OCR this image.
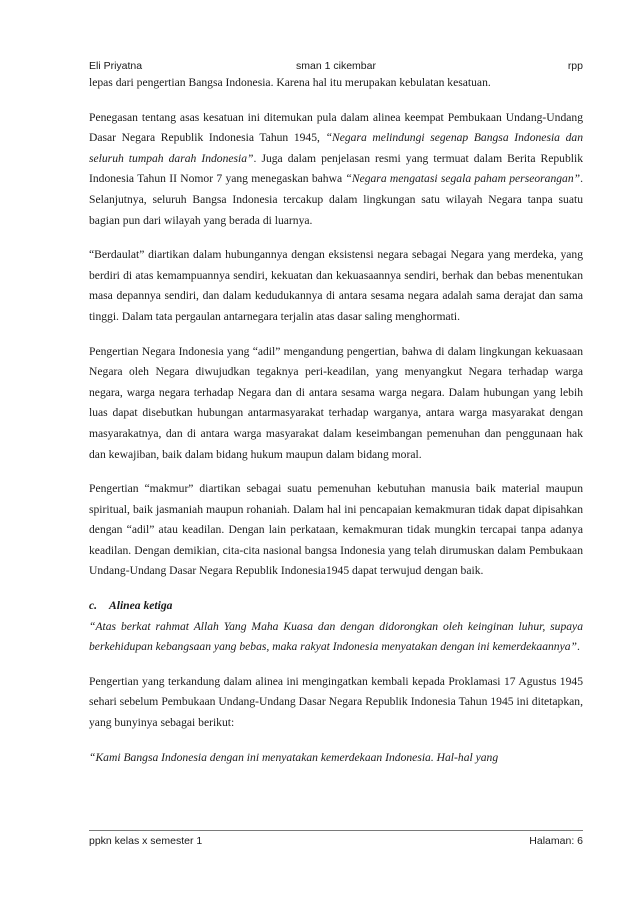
Eli Priyatna	sman 1 cikembar	rpp

lepas dari pengertian Bangsa Indonesia. Karena hal itu merupakan kebulatan kesatuan.

Penegasan tentang asas kesatuan ini ditemukan pula dalam alinea keempat Pembukaan Undang-Undang Dasar Negara Republik Indonesia Tahun 1945, “Negara melindungi segenap Bangsa Indonesia dan seluruh tumpah darah Indonesia”. Juga dalam penjelasan resmi yang termuat dalam Berita Republik Indonesia Tahun II Nomor 7 yang menegaskan bahwa “Negara mengatasi segala paham perseorangan”. Selanjutnya, seluruh Bangsa Indonesia tercakup dalam lingkungan satu wilayah Negara tanpa suatu bagian pun dari wilayah yang berada di luarnya.

“Berdaulat” diartikan dalam hubungannya dengan eksistensi negara sebagai Negara yang merdeka, yang berdiri di atas kemampuannya sendiri, kekuatan dan kekuasaannya sendiri, berhak dan bebas menentukan masa depannya sendiri, dan dalam kedudukannya di antara sesama negara adalah sama derajat dan sama tinggi. Dalam tata pergaulan antarnegara terjalin atas dasar saling menghormati.

Pengertian Negara Indonesia yang “adil” mengandung pengertian, bahwa di dalam lingkungan kekuasaan Negara oleh Negara diwujudkan tegaknya peri-keadilan, yang menyangkut Negara terhadap warga negara, warga negara terhadap Negara dan di antara sesama warga negara. Dalam hubungan yang lebih luas dapat disebutkan hubungan antarmasyarakat terhadap warganya, antara warga masyarakat dengan masyarakatnya, dan di antara warga masyarakat dalam keseimbangan pemenuhan dan penggunaan hak dan kewajiban, baik dalam bidang hukum maupun dalam bidang moral.

Pengertian “makmur” diartikan sebagai suatu pemenuhan kebutuhan manusia baik material maupun spiritual, baik jasmaniah maupun rohaniah. Dalam hal ini pencapaian kemakmuran tidak dapat dipisahkan dengan “adil” atau keadilan. Dengan lain perkataan, kemakmuran tidak mungkin tercapai tanpa adanya keadilan. Dengan demikian, cita-cita nasional bangsa Indonesia yang telah dirumuskan dalam Pembukaan Undang-Undang Dasar Negara Republik Indonesia1945 dapat terwujud dengan baik.

c. Alinea ketiga

“Atas berkat rahmat Allah Yang Maha Kuasa dan dengan didorongkan oleh keinginan luhur, supaya berkehidupan kebangsaan yang bebas, maka rakyat Indonesia menyatakan dengan ini kemerdekaannya”.

Pengertian yang terkandung dalam alinea ini mengingatkan kembali kepada Proklamasi 17 Agustus 1945 sehari sebelum Pembukaan Undang-Undang Dasar Negara Republik Indonesia Tahun 1945 ini ditetapkan, yang bunyinya sebagai berikut:

“Kami Bangsa Indonesia dengan ini menyatakan kemerdekaan Indonesia. Hal-hal yang

ppkn kelas x semester 1	Halaman: 6
